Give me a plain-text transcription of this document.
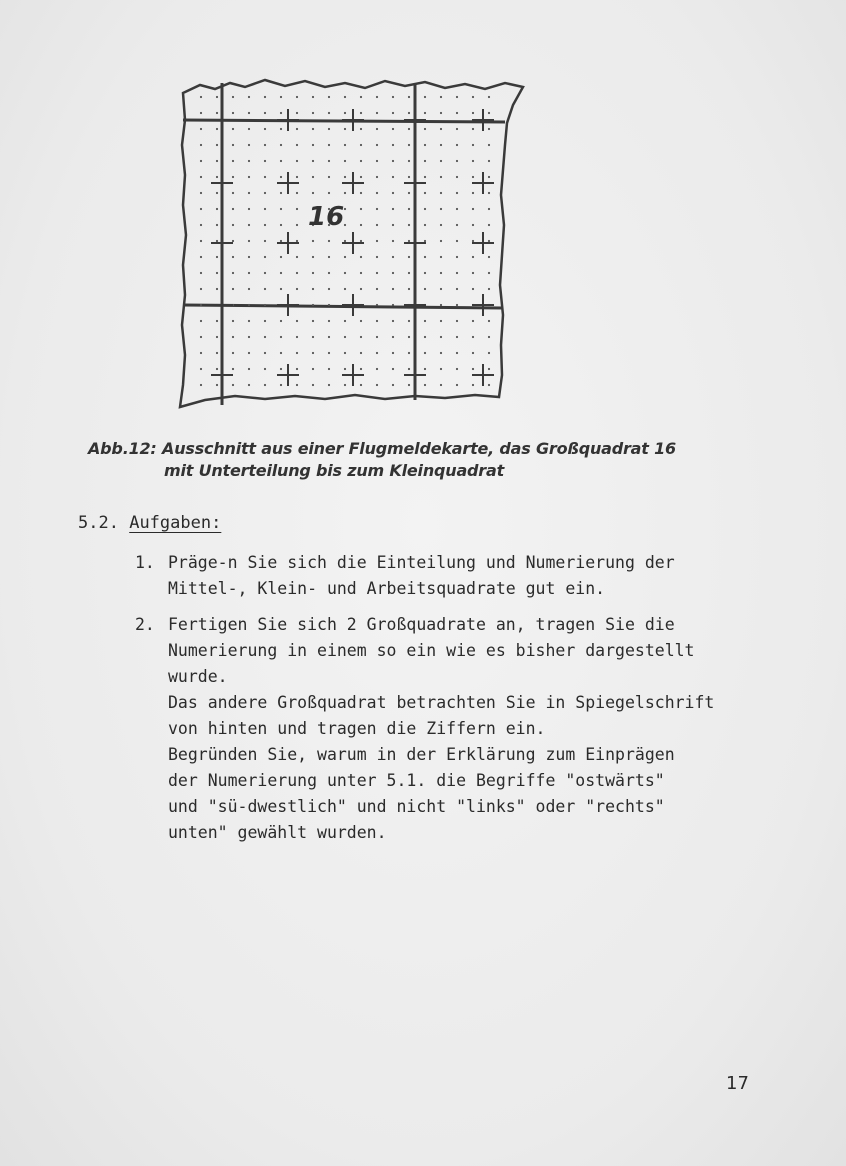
16
Abb.12: Ausschnitt aus einer Flugmeldekarte, das Großquadrat 16
mit Unterteilung bis zum Kleinquadrat
5.2. Aufgaben:
1. Präge-n Sie sich die Einteilung und Numerierung der
Mittel-, Klein- und Arbeitsquadrate gut ein.
2. Fertigen Sie sich 2 Großquadrate an, tragen Sie die
Numerierung in einem so ein wie es bisher dargestellt
wurde.
Das andere Großquadrat betrachten Sie in Spiegelschrift
von hinten und tragen die Ziffern ein.
Begründen Sie, warum in der Erklärung zum Einprägen
der Numerierung unter 5.1. die Begriffe "ostwärts"
und "sü-dwestlich" und nicht "links" oder "rechts"
unten" gewählt wurden.
17
